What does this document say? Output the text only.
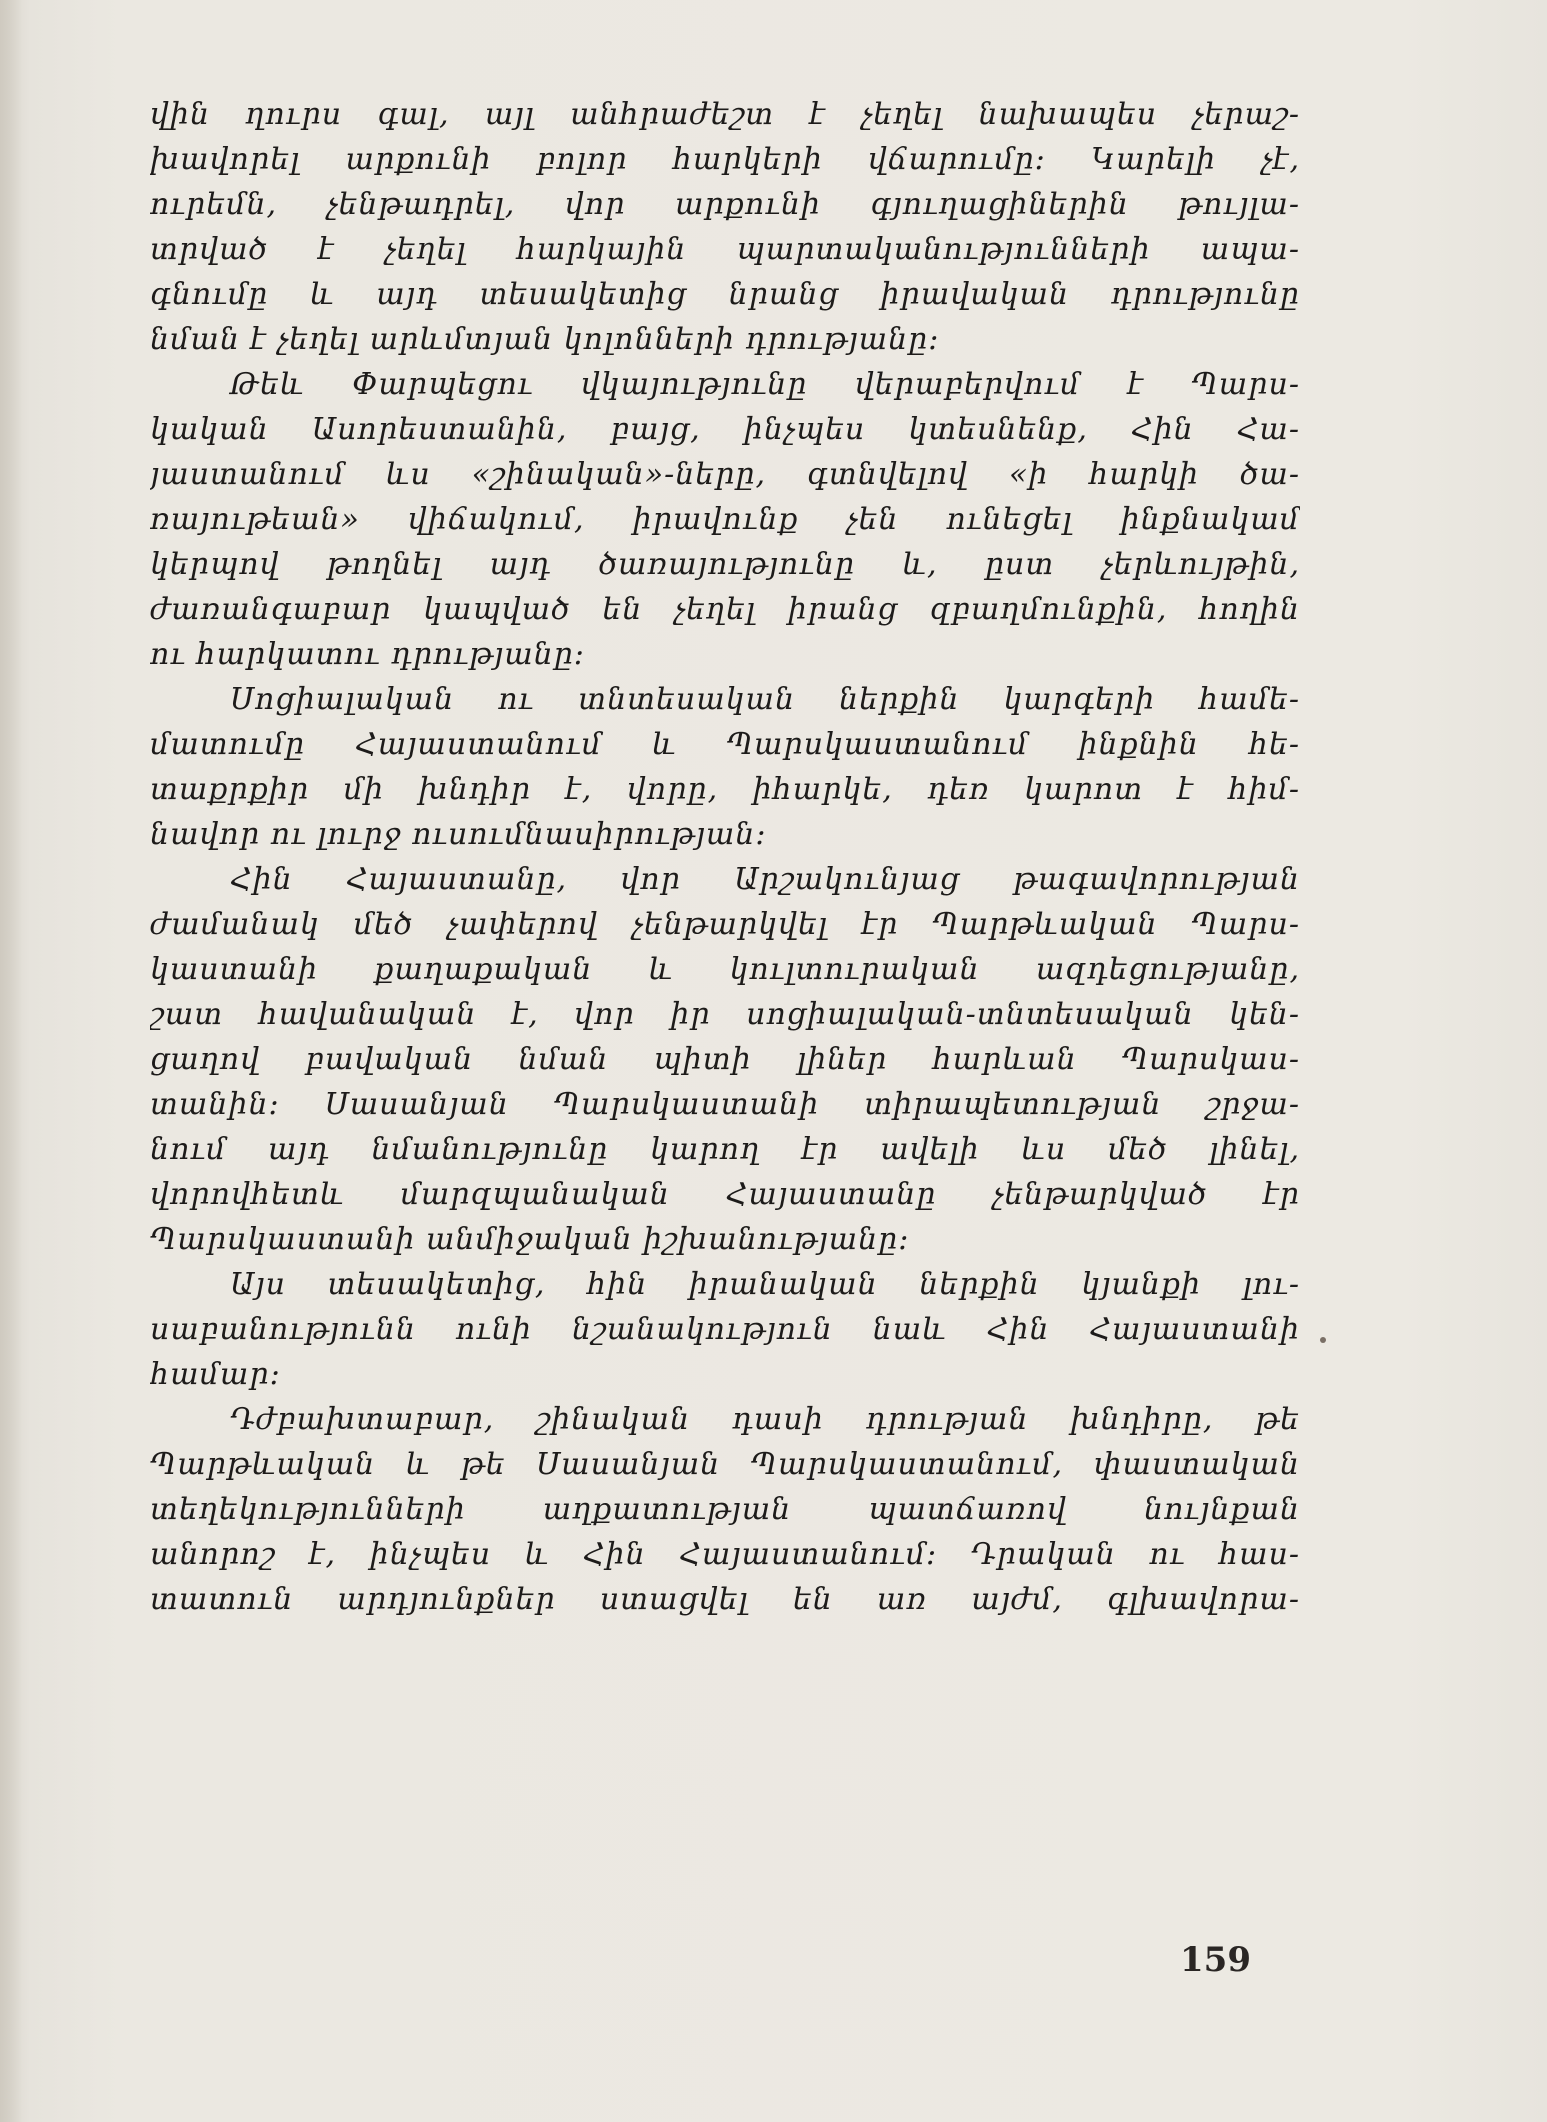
վին ղուրս գալ, այլ անհրաժեշտ է չեղել նախապես չերաշ-
խավորել արքունի բոլոր հարկերի վճարումը։ Կարելի չէ,
ուրեմն, չենթադրել, վոր արքունի գյուղացիներին թույլա-
տրված է չեղել հարկային պարտականությունների ապա-
գնումը և այդ տեսակետից նրանց իրավական դրությունը
նման է չեղել արևմտյան կոլոնների դրությանը։

Թեև Փարպեցու վկայությունը վերաբերվում է Պարս-
կական Ասորեստանին, բայց, ինչպես կտեսնենք, Հին Հա-
յաստանում ևս «շինական»-ները, գտնվելով «ի հարկի ծա-
ռայութեան» վիճակում, իրավունք չեն ունեցել ինքնակամ
կերպով թողնել այդ ծառայությունը և, ըստ չերևույթին,
ժառանգաբար կապված են չեղել իրանց զբաղմունքին, հողին
ու հարկատու դրությանը։

Սոցիալական ու տնտեսական ներքին կարգերի համե-
մատումը Հայաստանում և Պարսկաստանում ինքնին հե-
տաքրքիր մի խնդիր է, վորը, իհարկե, դեռ կարոտ է հիմ-
նավոր ու լուրջ ուսումնասիրության։

Հին Հայաստանը, վոր Արշակունյաց թագավորության
ժամանակ մեծ չափերով չենթարկվել էր Պարթևական Պարս-
կաստանի քաղաքական և կուլտուրական ազդեցությանը,
շատ հավանական է, վոր իր սոցիալական-տնտեսական կեն-
ցաղով բավական նման պիտի լիներ հարևան Պարսկաս-
տանին։ Սասանյան Պարսկաստանի տիրապետության շրջա-
նում այդ նմանությունը կարող էր ավելի ևս մեծ լինել,
վորովհետև մարզպանական Հայաստանը չենթարկված էր
Պարսկաստանի անմիջական իշխանությանը։

Այս տեսակետից, հին իրանական ներքին կյանքի լու-
սաբանությունն ունի նշանակություն նաև Հին Հայաստանի
համար։

Դժբախտաբար, շինական դասի դրության խնդիրը, թե
Պարթևական և թե Սասանյան Պարսկաստանում, փաստական
տեղեկությունների աղքատության պատճառով նույնքան
անորոշ է, ինչպես և Հին Հայաստանում։ Դրական ու հաս-
տատուն արդյունքներ ստացվել են առ այժմ, գլխավորա-

159
